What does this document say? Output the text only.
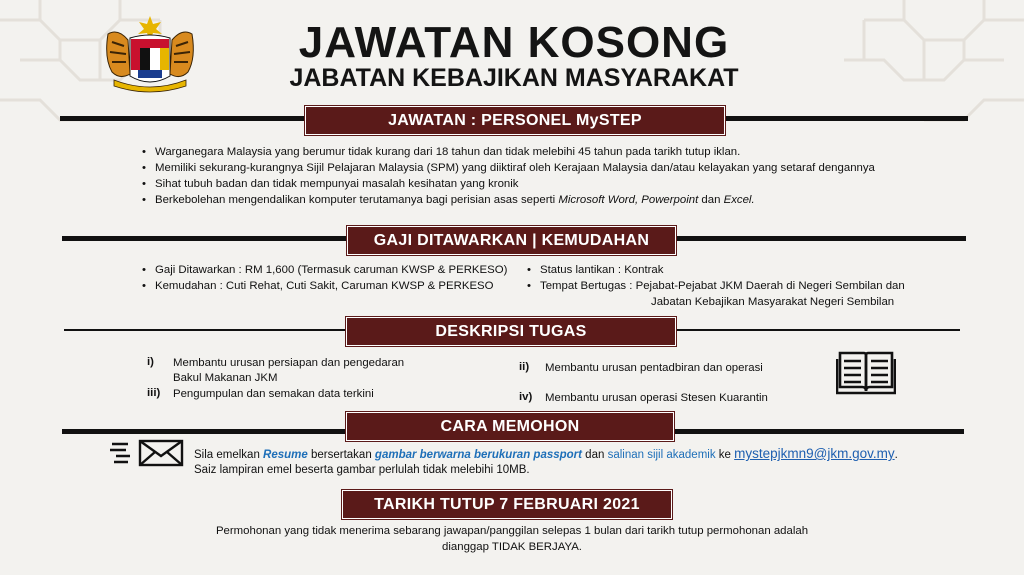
JAWATAN KOSONG
JABATAN KEBAJIKAN MASYARAKAT
JAWATAN : PERSONEL MySTEP
• Warganegara Malaysia yang berumur tidak kurang dari 18 tahun dan tidak melebihi 45 tahun pada tarikh tutup iklan.
• Memiliki sekurang-kurangnya Sijil Pelajaran Malaysia (SPM) yang diiktiraf oleh Kerajaan Malaysia dan/atau kelayakan yang setaraf dengannya
• Sihat tubuh badan dan tidak mempunyai masalah kesihatan yang kronik
• Berkebolehan mengendalikan komputer terutamanya bagi perisian asas seperti Microsoft Word, Powerpoint dan Excel.
GAJI DITAWARKAN | KEMUDAHAN
• Gaji Ditawarkan : RM 1,600 (Termasuk caruman KWSP & PERKESO)
• Kemudahan : Cuti Rehat, Cuti Sakit, Caruman KWSP & PERKESO
• Status lantikan : Kontrak
• Tempat Bertugas : Pejabat-Pejabat JKM Daerah di Negeri Sembilan dan
Jabatan Kebajikan Masyarakat Negeri Sembilan
DESKRIPSI TUGAS
i) Membantu urusan persiapan dan pengedaran
Bakul Makanan JKM
iii) Pengumpulan dan semakan data terkini
ii) Membantu urusan pentadbiran dan operasi
iv) Membantu urusan operasi Stesen Kuarantin
CARA MEMOHON
Sila emelkan Resume bersertakan gambar berwarna berukuran passport dan salinan sijil akademik ke mystepjkmn9@jkm.gov.my.
Saiz lampiran emel beserta gambar perlulah tidak melebihi 10MB.
TARIKH TUTUP 7 FEBRUARI 2021
Permohonan yang tidak menerima sebarang jawapan/panggilan selepas 1 bulan dari tarikh tutup permohonan adalah
dianggap TIDAK BERJAYA.
